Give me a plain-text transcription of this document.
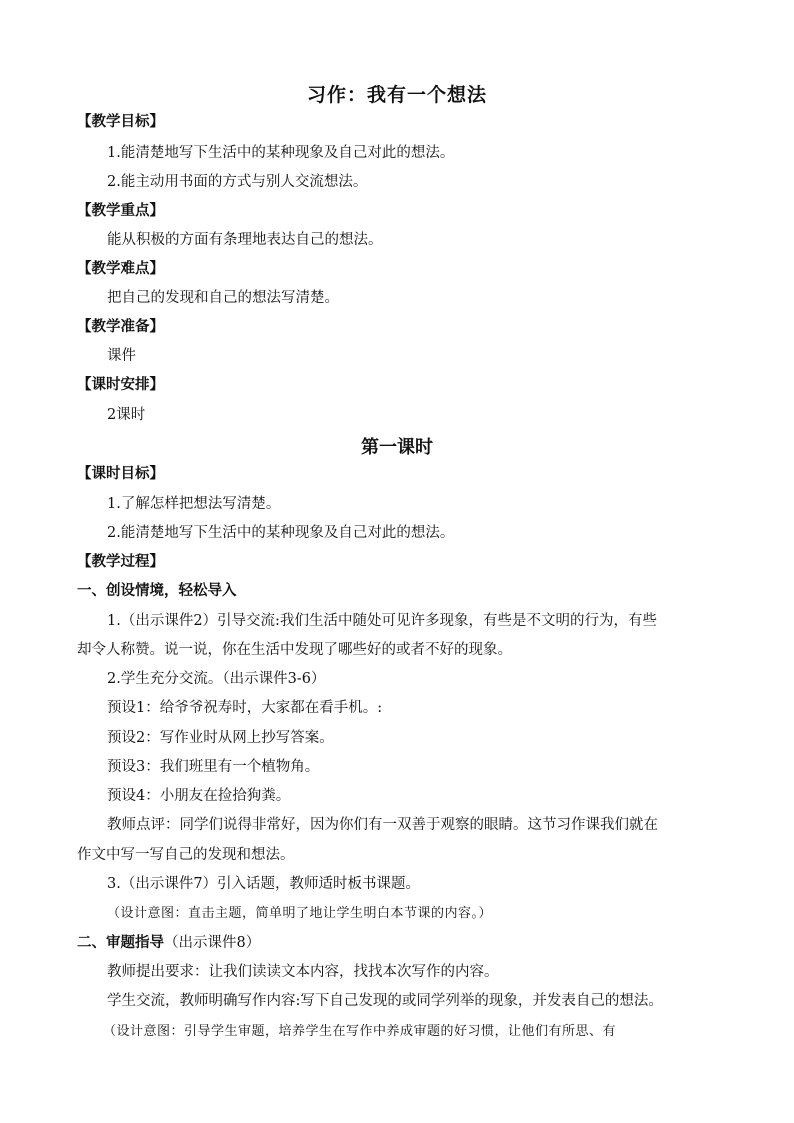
习作：我有一个想法
【教学目标】
1.能清楚地写下生活中的某种现象及自己对此的想法。
2.能主动用书面的方式与别人交流想法。
【教学重点】
能从积极的方面有条理地表达自己的想法。
【教学难点】
把自己的发现和自己的想法写清楚。
【教学准备】
课件
【课时安排】
2课时
第一课时
【课时目标】
1.了解怎样把想法写清楚。
2.能清楚地写下生活中的某种现象及自己对此的想法。
【教学过程】
一、创设情境，轻松导入
1.（出示课件2）引导交流:我们生活中随处可见许多现象，有些是不文明的行为，有些
却令人称赞。说一说，你在生活中发现了哪些好的或者不好的现象。
2.学生充分交流。（出示课件3-6）
预设1：给爷爷祝寿时，大家都在看手机。:
预设2：写作业时从网上抄写答案。
预设3：我们班里有一个植物角。
预设4：小朋友在捡拾狗粪。
教师点评：同学们说得非常好，因为你们有一双善于观察的眼睛。这节习作课我们就在
作文中写一写自己的发现和想法。
3.（出示课件7）引入话题，教师适时板书课题。
（设计意图：直击主题，简单明了地让学生明白本节课的内容。）
二、审题指导（出示课件8）
教师提出要求：让我们读读文本内容，找找本次写作的内容。
学生交流，教师明确写作内容:写下自己发现的或同学列举的现象，并发表自己的想法。
（设计意图：引导学生审题，培养学生在写作中养成审题的好习惯，让他们有所思、有
